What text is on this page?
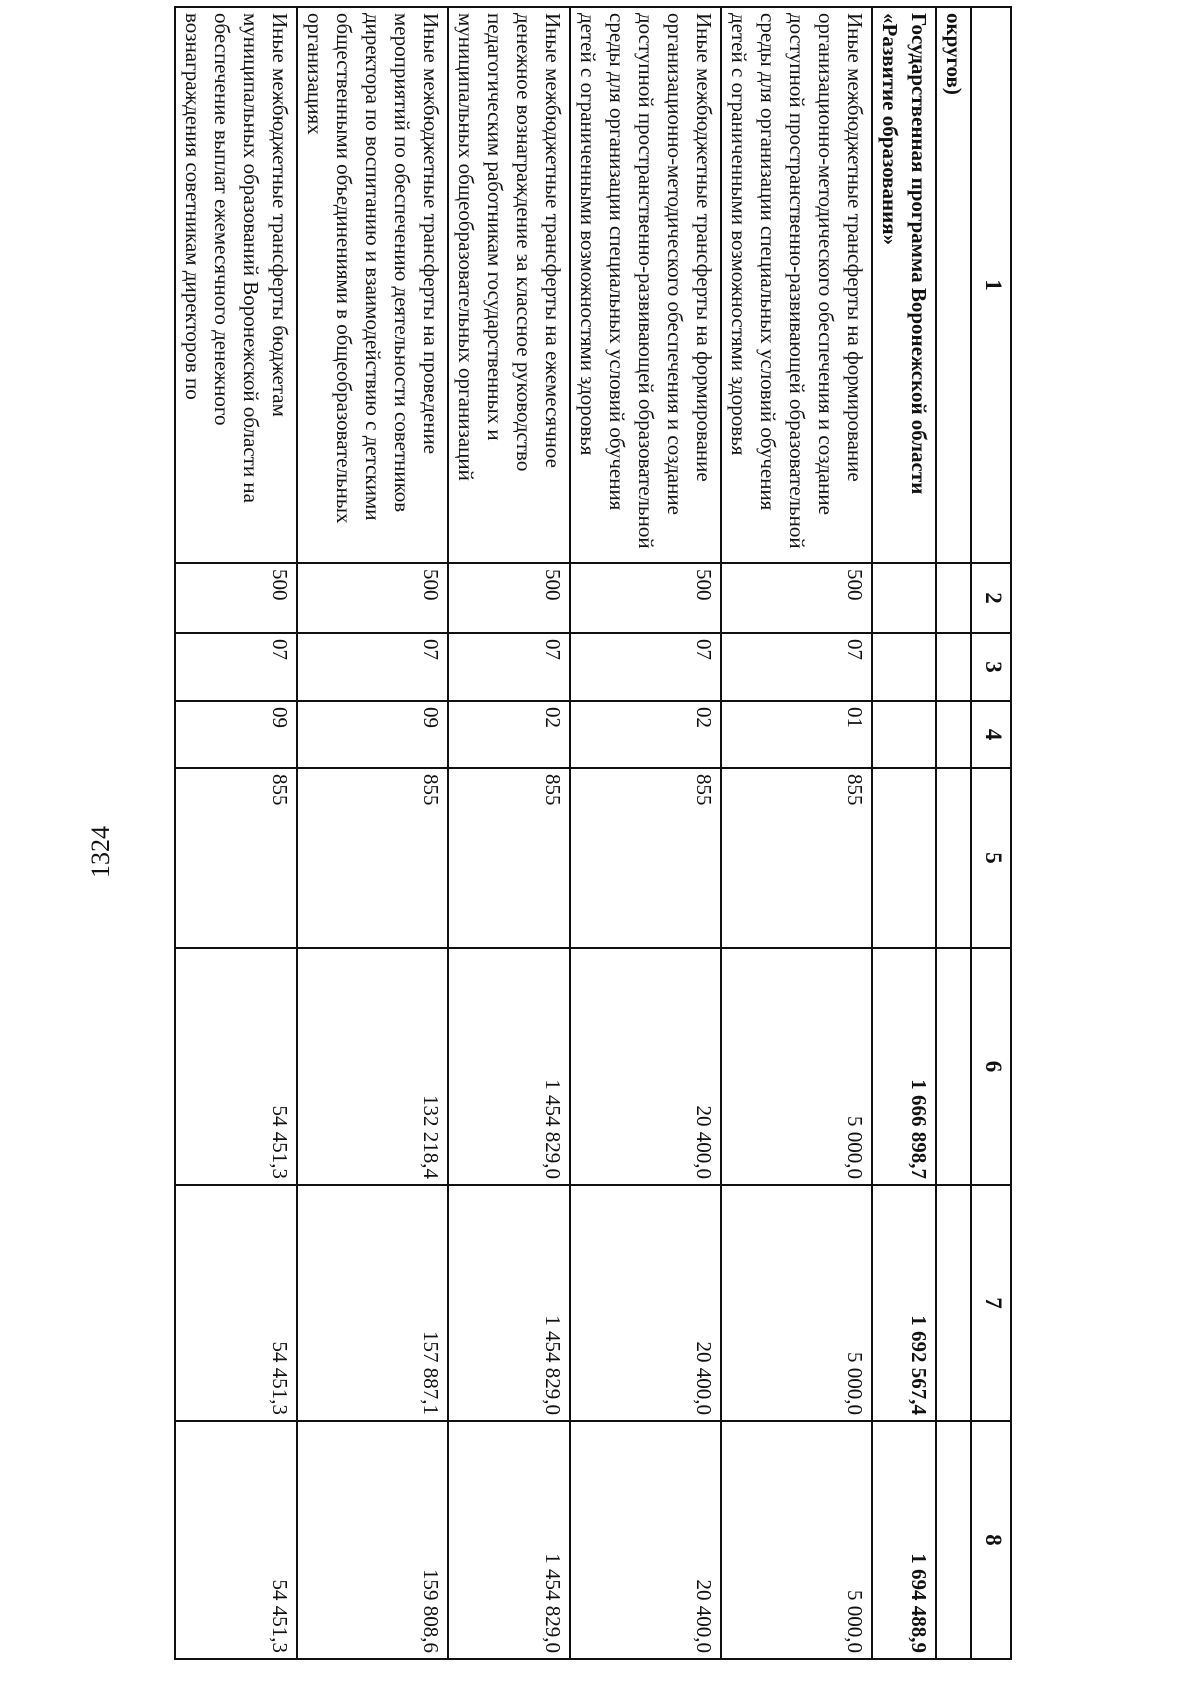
1324
1	2	3	4	5	6	7	8
округов)							
Государственная программа Воронежской области «Развитие образования»					1 666 898,7	1 692 567,4	1 694 488,9
Иные межбюджетные трансферты на формирование организационно-методического обеспечения и создание доступной пространственно-развивающей образовательной среды для организации специальных условий обучения детей с ограниченными возможностями здоровья	500	07	01	855	5 000,0	5 000,0	5 000,0
Иные межбюджетные трансферты на формирование организационно-методического обеспечения и создание доступной пространственно-развивающей образовательной среды для организации специальных условий обучения детей с ограниченными возможностями здоровья	500	07	02	855	20 400,0	20 400,0	20 400,0
Иные межбюджетные трансферты на ежемесячное денежное вознаграждение за классное руководство педагогическим работникам государственных и муниципальных общеобразовательных организаций	500	07	02	855	1 454 829,0	1 454 829,0	1 454 829,0
Иные межбюджетные трансферты на проведение мероприятий по обеспечению деятельности советников директора по воспитанию и взаимодействию с детскими общественными объединениями в общеобразовательных организациях	500	07	09	855	132 218,4	157 887,1	159 808,6
Иные межбюджетные трансферты бюджетам муниципальных образований Воронежской области на обеспечение выплат ежемесячного денежного вознаграждения советникам директоров по	500	07	09	855	54 451,3	54 451,3	54 451,3
